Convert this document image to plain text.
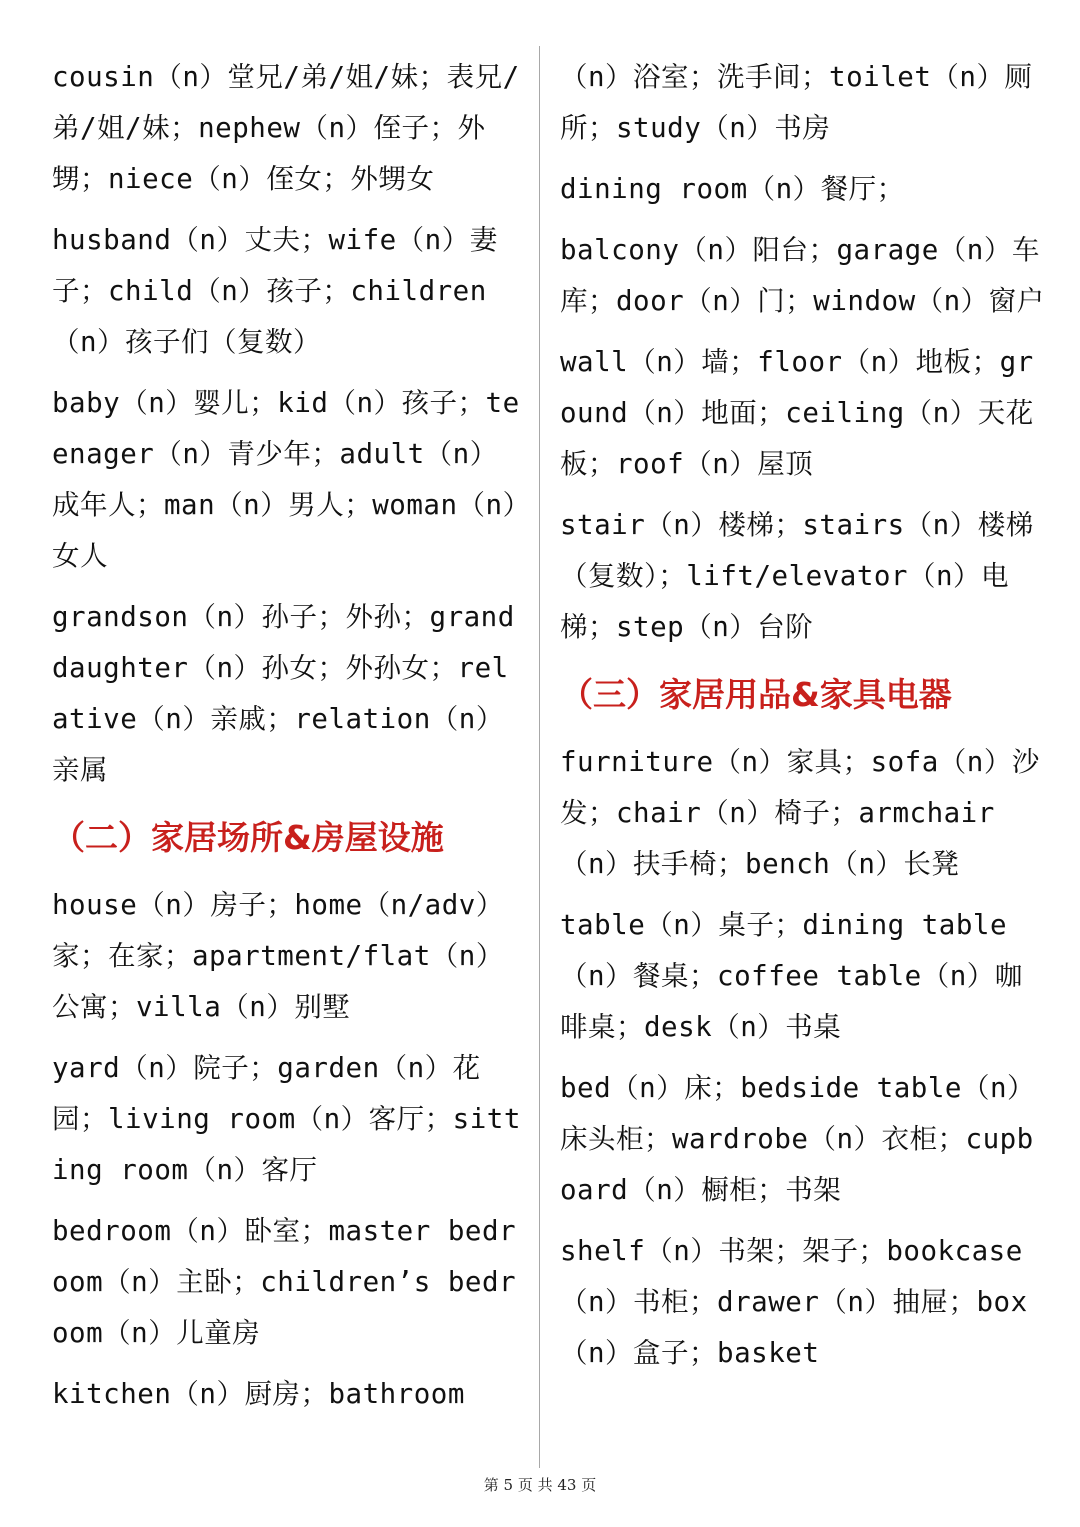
cousin（n）堂兄/弟/姐/妹；表兄/弟/姐/妹；nephew（n）侄子；外甥；niece（n）侄女；外甥女

husband（n）丈夫；wife（n）妻子；child（n）孩子；children（n）孩子们（复数）

baby（n）婴儿；kid（n）孩子；teenager（n）青少年；adult（n）成年人；man（n）男人；woman（n）女人

grandson（n）孙子；外孙；granddaughter（n）孙女；外孙女；relative（n）亲戚；relation（n）亲属

（二）家居场所&房屋设施

house（n）房子；home（n/adv）家；在家；apartment/flat（n）公寓；villa（n）别墅

yard（n）院子；garden（n）花园；living room（n）客厅；sitting room（n）客厅

bedroom（n）卧室；master bedroom（n）主卧；children’s bedroom（n）儿童房

kitchen（n）厨房；bathroom

（n）浴室；洗手间；toilet（n）厕所；study（n）书房

dining room（n）餐厅；

balcony（n）阳台；garage（n）车库；door（n）门；window（n）窗户

wall（n）墙；floor（n）地板；ground（n）地面；ceiling（n）天花板；roof（n）屋顶

stair（n）楼梯；stairs（n）楼梯（复数）；lift/elevator（n）电梯；step（n）台阶

（三）家居用品&家具电器

furniture（n）家具；sofa（n）沙发；chair（n）椅子；armchair（n）扶手椅；bench（n）长凳

table（n）桌子；dining table（n）餐桌；coffee table（n）咖啡桌；desk（n）书桌

bed（n）床；bedside table（n）床头柜；wardrobe（n）衣柜；cupboard（n）橱柜；书架

shelf（n）书架；架子；bookcase（n）书柜；drawer（n）抽屉；box（n）盒子；basket

第 5 页 共 43 页
